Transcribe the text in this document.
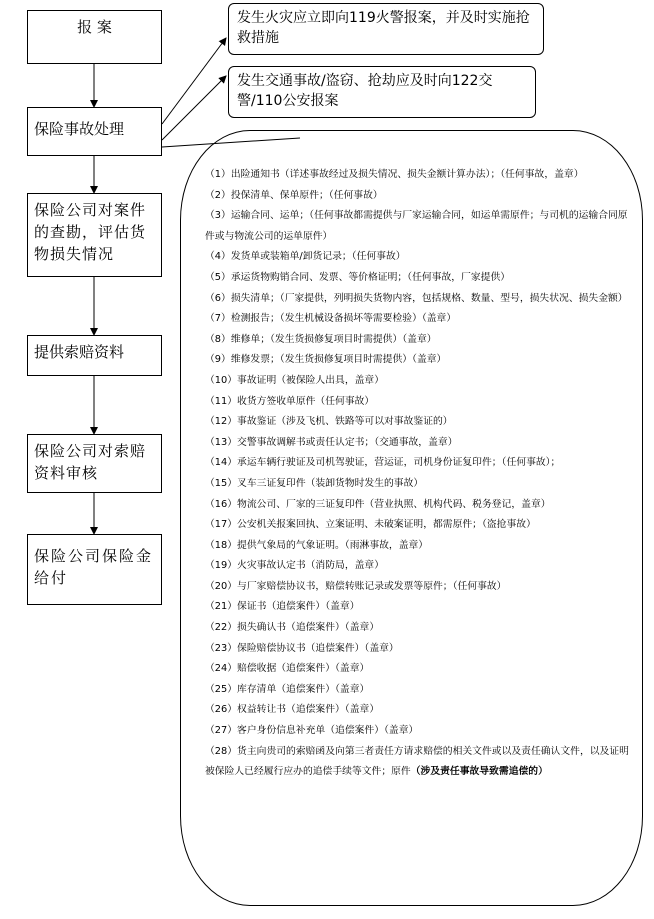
报 案
保险事故处理
保险公司对案件的查勘，评估货物损失情况
提供索赔资料
保险公司对索赔资料审核
保险公司保险金给付
发生火灾应立即向119火警报案，并及时实施抢救措施
发生交通事故/盗窃、抢劫应及时向122交警/110公安报案

（1）出险通知书（详述事故经过及损失情况、损失金额计算办法）；（任何事故，盖章）

（2）投保清单、保单原件；（任何事故）

（3）运输合同、运单；（任何事故都需提供与厂家运输合同，如运单需原件；与司机的运输合同原件或与物流公司的运单原件）

（4）发货单或装箱单/卸货记录；（任何事故）

（5）承运货物购销合同、发票、等价格证明；（任何事故，厂家提供）

（6）损失清单；（厂家提供，列明损失货物内容，包括规格、数量、型号，损失状况、损失金额）

（7）检测报告；（发生机械设备损坏等需要检验）（盖章）

（8）维修单；（发生货损修复项目时需提供）（盖章）

（9）维修发票；（发生货损修复项目时需提供）（盖章）

（10）事故证明（被保险人出具，盖章）

（11）收货方签收单原件（任何事故）

（12）事故鉴证（涉及飞机、铁路等可以对事故鉴证的）

（13）交警事故调解书或责任认定书；（交通事故，盖章）

（14）承运车辆行驶证及司机驾驶证，营运证，司机身份证复印件；（任何事故）；

（15）叉车三证复印件（装卸货物时发生的事故）

（16）物流公司、厂家的三证复印件（营业执照、机构代码、税务登记，盖章）

（17）公安机关报案回执、立案证明、未破案证明，都需原件；（盗抢事故）

（18）提供气象局的气象证明。（雨淋事故，盖章）

（19）火灾事故认定书（消防局，盖章）

（20）与厂家赔偿协议书，赔偿转账记录或发票等原件；（任何事故）

（21）保证书（追偿案件）（盖章）

（22）损失确认书（追偿案件）（盖章）

（23）保险赔偿协议书（追偿案件）（盖章）

（24）赔偿收据（追偿案件）（盖章）

（25）库存清单（追偿案件）（盖章）

（26）权益转让书（追偿案件）（盖章）

（27）客户身份信息补充单（追偿案件）（盖章）

（28）货主向贵司的索赔函及向第三者责任方请求赔偿的相关文件或以及责任确认文件，以及证明 被保险人已经履行应办的追偿手续等文件；原件（涉及责任事故导致需追偿的）
